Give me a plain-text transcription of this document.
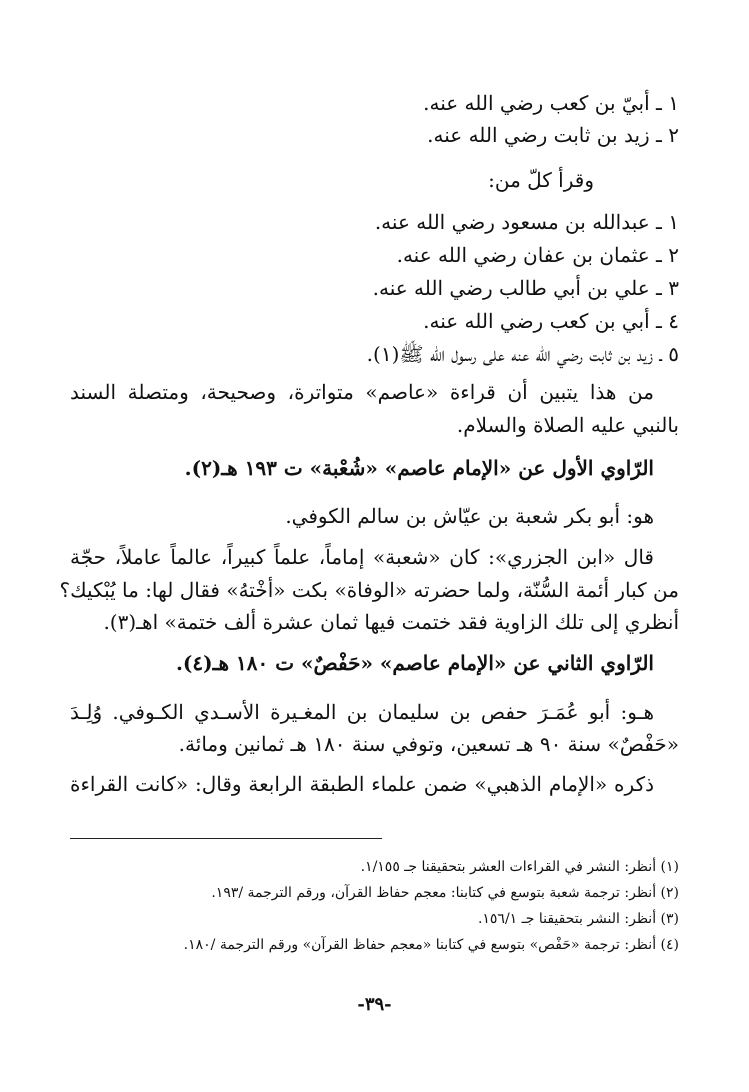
١ ـ أبيّ بن كعب رضي الله عنه.
٢ ـ زيد بن ثابت رضي الله عنه.
وقرأ كلّ من:
١ ـ عبدالله بن مسعود رضي الله عنه.
٢ ـ عثمان بن عفان رضي الله عنه.
٣ ـ علي بن أبي طالب رضي الله عنه.
٤ ـ أبي بن كعب رضي الله عنه.
٥ ـ زيد بن ثابت رضي الله عنه على رسول الله ﷺ(١).
من هذا يتبين أن قراءة «عاصم» متواترة، وصحيحة، ومتصلة السند
بالنبي عليه الصلاة والسلام.
الرّاوي الأول عن «الإمام عاصم» «شُعْبة» ت ١٩٣ هـ(٢).
هو: أبو بكر شعبة بن عيّاش بن سالم الكوفي.
قال «ابن الجزري»: كان «شعبة» إماماً، علماً كبيراً، عالماً عاملاً، حجّة
من كبار أئمة السُّنّة، ولما حضرته «الوفاة» بكت «أخْتهُ» فقال لها: ما يُبْكيك؟
أنظري إلى تلك الزاوية فقد ختمت فيها ثمان عشرة ألف ختمة» اهـ(٣).
الرّاوي الثاني عن «الإمام عاصم» «حَفْصٌ» ت ١٨٠ هـ(٤).
هـو: أبو عُمَـرَ حفص بن سليمان بن المغـيرة الأسـدي الكـوفي. وُلِـدَ
«حَفْصٌ» سنة ٩٠ هـ تسعين، وتوفي سنة ١٨٠ هـ ثمانين ومائة.
ذكره «الإمام الذهبي» ضمن علماء الطبقة الرابعة وقال: «كانت القراءة
(١) أنظر: النشر في القراءات العشر بتحقيقنا جـ ١/١٥٥.
(٢) أنظر: ترجمة شعبة بتوسع في كتابنا: معجم حفاظ القرآن، ورقم الترجمة /١٩٣.
(٣) أنظر: النشر بتحقيقنا جـ ١٥٦/١.
(٤) أنظر: ترجمة «حَفْص» بتوسع في كتابنا «معجم حفاظ القرآن» ورقم الترجمة /١٨٠.
-٣٩-
